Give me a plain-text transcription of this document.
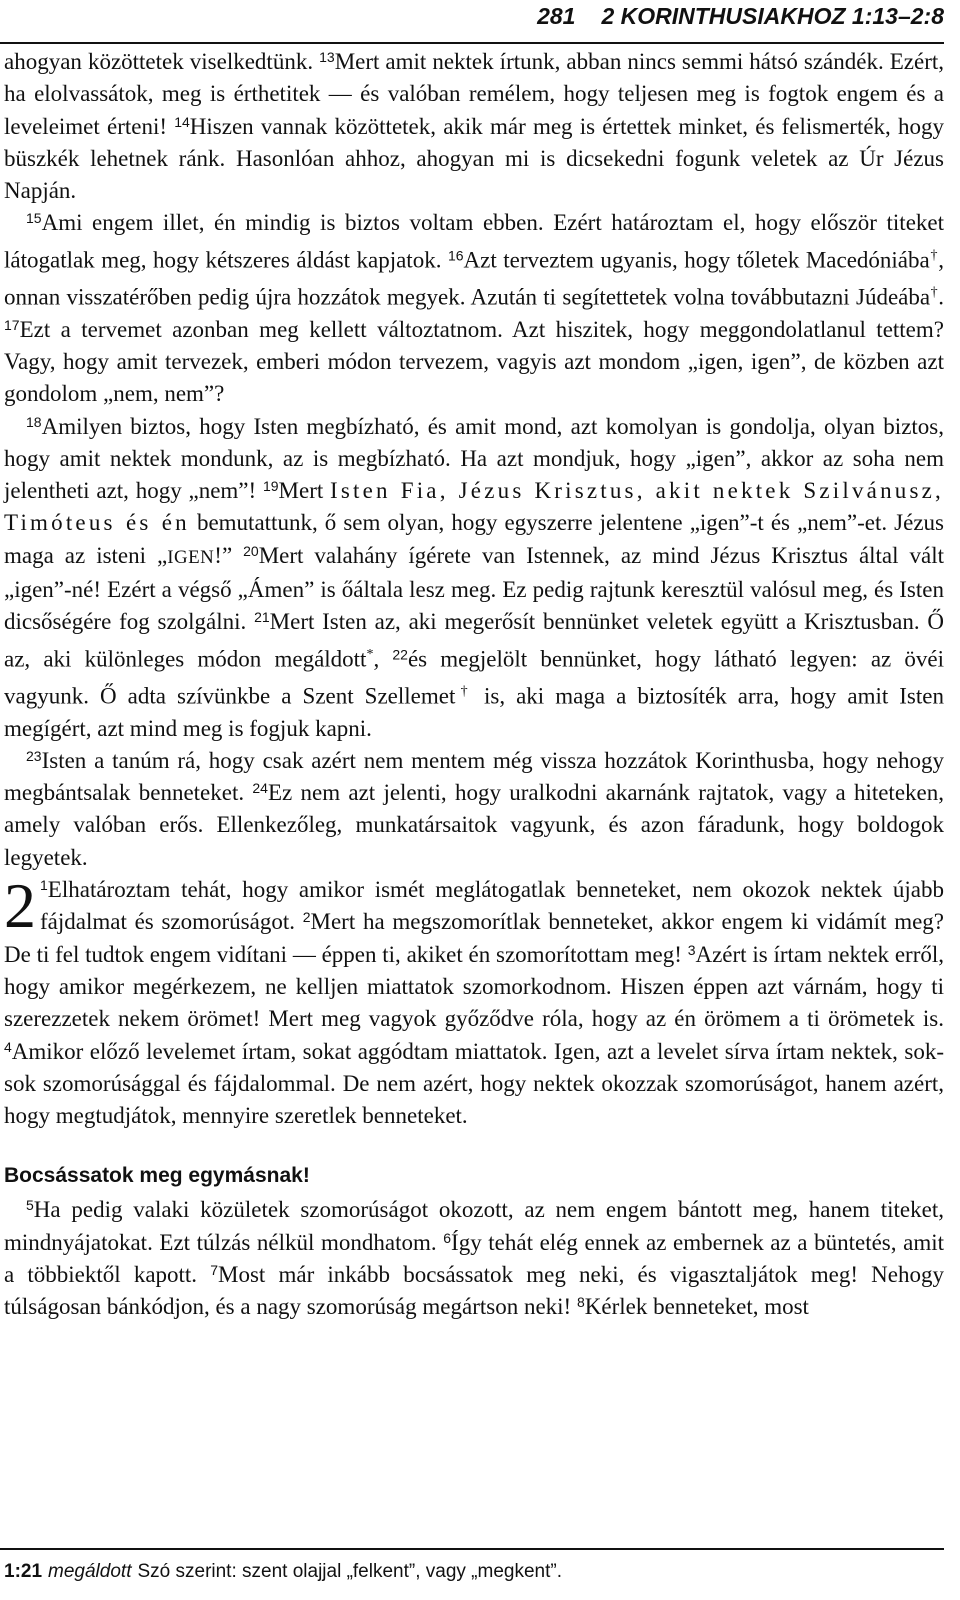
281 2 KORINTHUSIAKHOZ 1:13–2:8

ahogyan közöttetek viselkedtünk. $^{13}$Mert amit nektek írtunk, abban nincs semmi hátsó szándék. Ezért, ha elolvassátok, meg is érthetitek — és valóban remélem, hogy teljesen meg is fogtok engem és a leveleimet érteni! $^{14}$Hiszen vannak közöttetek, akik már meg is értettek minket, és felismerték, hogy büszkék lehetnek ránk. Hasonlóan ahhoz, ahogyan mi is dicsekedni fogunk veletek az Úr Jézus Napján.

$^{15}$Ami engem illet, én mindig is biztos voltam ebben. Ezért határoztam el, hogy először titeket látogatlak meg, hogy kétszeres áldást kapjatok. $^{16}$Azt terveztem ugyanis, hogy tőletek Macedóniába†, onnan visszatérőben pedig újra hozzátok megyek. Azután ti segítettetek volna továbbutazni Júdeába†. $^{17}$Ezt a tervemet azonban meg kellett változtatnom. Azt hiszitek, hogy meggondolatlanul tettem? Vagy, hogy amit tervezek, emberi módon tervezem, vagyis azt mondom „igen, igen”, de közben azt gondolom „nem, nem”?

$^{18}$Amilyen biztos, hogy Isten megbízható, és amit mond, azt komolyan is gondolja, olyan biztos, hogy amit nektek mondunk, az is megbízható. Ha azt mondjuk, hogy „igen”, akkor az soha nem jelentheti azt, hogy „nem”! $^{19}$Mert Isten Fia, Jézus Krisztus, akit nektek Szilvánusz, Timóteus és én bemutattunk, ő sem olyan, hogy egyszerre jelentene „igen”-t és „nem”-et. Jézus maga az isteni „IGEN!” $^{20}$Mert valahány ígérete van Istennek, az mind Jézus Krisztus által vált „igen”-né! Ezért a végső „Ámen” is őáltala lesz meg. Ez pedig rajtunk keresztül valósul meg, és Isten dicsőségére fog szolgálni. $^{21}$Mert Isten az, aki megerősít bennünket veletek együtt a Krisztusban. Ő az, aki különleges módon megáldott*, $^{22}$és megjelölt bennünket, hogy látható legyen: az övéi vagyunk. Ő adta szívünkbe a Szent Szellemet† is, aki maga a biztosíték arra, hogy amit Isten megígért, azt mind meg is fogjuk kapni.

$^{23}$Isten a tanúm rá, hogy csak azért nem mentem még vissza hozzátok Korinthusba, hogy nehogy megbántsalak benneteket. $^{24}$Ez nem azt jelenti, hogy uralkodni akarnánk rajtatok, vagy a hiteteken, amely valóban erős. Ellenkezőleg, munkatársaitok vagyunk, és azon fáradunk, hogy boldogok legyetek.

2 $^1$Elhatároztam tehát, hogy amikor ismét meglátogatlak benneteket, nem okozok nektek újabb fájdalmat és szomorúságot. $^2$Mert ha megszomorítlak benneteket, akkor engem ki vidámít meg? De ti fel tudtok engem vidítani — éppen ti, akiket én szomorítottam meg! $^3$Azért is írtam nektek erről, hogy amikor megérkezem, ne kelljen miattatok szomorkodnom. Hiszen éppen azt várnám, hogy ti szerezzetek nekem örömet! Mert meg vagyok győződve róla, hogy az én örömem a ti örömetek is. $^4$Amikor előző levelemet írtam, sokat aggódtam miattatok. Igen, azt a levelet sírva írtam nektek, sok-sok szomorúsággal és fájdalommal. De nem azért, hogy nektek okozzak szomorúságot, hanem azért, hogy megtudjátok, mennyire szeretlek benneteket.

Bocsássatok meg egymásnak!

$^5$Ha pedig valaki közületek szomorúságot okozott, az nem engem bántott meg, hanem titeket, mindnyájatokat. Ezt túlzás nélkül mondhatom. $^6$Így tehát elég ennek az embernek az a büntetés, amit a többiektől kapott. $^7$Most már inkább bocsássatok meg neki, és vigasztaljátok meg! Nehogy túlságosan bánkódjon, és a nagy szomorúság megártson neki! $^8$Kérlek benneteket, most

1:21 megáldott Szó szerint: szent olajjal „felkent”, vagy „megkent”.
